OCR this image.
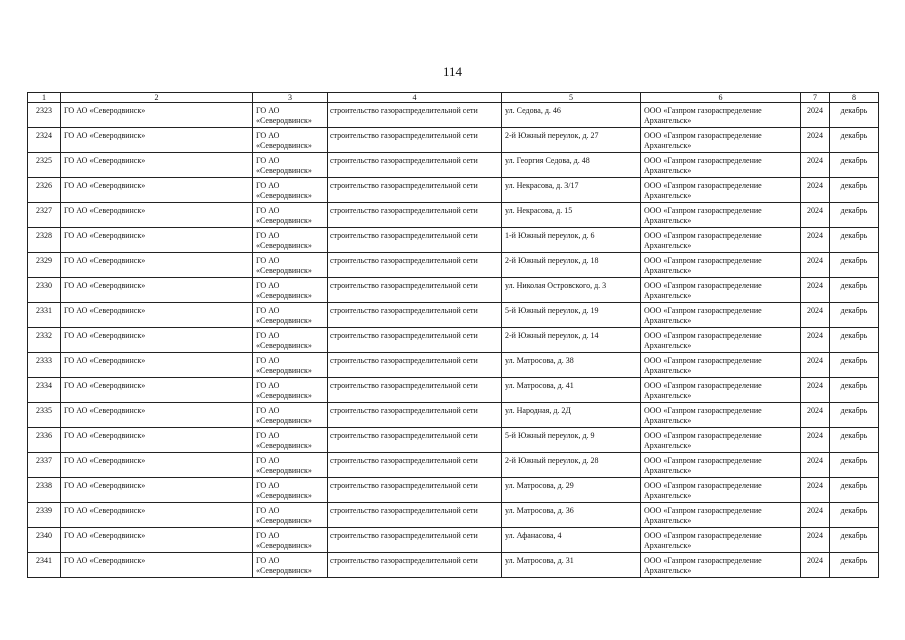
114
1	2	3	4	5	6	7	8
2323	ГО АО «Северодвинск»	ГО АО «Северодвинск»	строительство газораспределительной сети	ул. Седова, д. 46	ООО «Газпром газораспределение Архангельск»	2024	декабрь
2324	ГО АО «Северодвинск»	ГО АО «Северодвинск»	строительство газораспределительной сети	2-й Южный переулок, д. 27	ООО «Газпром газораспределение Архангельск»	2024	декабрь
2325	ГО АО «Северодвинск»	ГО АО «Северодвинск»	строительство газораспределительной сети	ул. Георгия Седова, д. 48	ООО «Газпром газораспределение Архангельск»	2024	декабрь
2326	ГО АО «Северодвинск»	ГО АО «Северодвинск»	строительство газораспределительной сети	ул. Некрасова, д. 3/17	ООО «Газпром газораспределение Архангельск»	2024	декабрь
2327	ГО АО «Северодвинск»	ГО АО «Северодвинск»	строительство газораспределительной сети	ул. Некрасова, д. 15	ООО «Газпром газораспределение Архангельск»	2024	декабрь
2328	ГО АО «Северодвинск»	ГО АО «Северодвинск»	строительство газораспределительной сети	1-й Южный переулок, д. 6	ООО «Газпром газораспределение Архангельск»	2024	декабрь
2329	ГО АО «Северодвинск»	ГО АО «Северодвинск»	строительство газораспределительной сети	2-й Южный переулок, д. 18	ООО «Газпром газораспределение Архангельск»	2024	декабрь
2330	ГО АО «Северодвинск»	ГО АО «Северодвинск»	строительство газораспределительной сети	ул. Николая Островского, д. 3	ООО «Газпром газораспределение Архангельск»	2024	декабрь
2331	ГО АО «Северодвинск»	ГО АО «Северодвинск»	строительство газораспределительной сети	5-й Южный переулок, д. 19	ООО «Газпром газораспределение Архангельск»	2024	декабрь
2332	ГО АО «Северодвинск»	ГО АО «Северодвинск»	строительство газораспределительной сети	2-й Южный переулок, д. 14	ООО «Газпром газораспределение Архангельск»	2024	декабрь
2333	ГО АО «Северодвинск»	ГО АО «Северодвинск»	строительство газораспределительной сети	ул. Матросова, д. 38	ООО «Газпром газораспределение Архангельск»	2024	декабрь
2334	ГО АО «Северодвинск»	ГО АО «Северодвинск»	строительство газораспределительной сети	ул. Матросова, д. 41	ООО «Газпром газораспределение Архангельск»	2024	декабрь
2335	ГО АО «Северодвинск»	ГО АО «Северодвинск»	строительство газораспределительной сети	ул. Народная, д. 2Д	ООО «Газпром газораспределение Архангельск»	2024	декабрь
2336	ГО АО «Северодвинск»	ГО АО «Северодвинск»	строительство газораспределительной сети	5-й Южный переулок, д. 9	ООО «Газпром газораспределение Архангельск»	2024	декабрь
2337	ГО АО «Северодвинск»	ГО АО «Северодвинск»	строительство газораспределительной сети	2-й Южный переулок, д. 28	ООО «Газпром газораспределение Архангельск»	2024	декабрь
2338	ГО АО «Северодвинск»	ГО АО «Северодвинск»	строительство газораспределительной сети	ул. Матросова, д. 29	ООО «Газпром газораспределение Архангельск»	2024	декабрь
2339	ГО АО «Северодвинск»	ГО АО «Северодвинск»	строительство газораспределительной сети	ул. Матросова, д. 36	ООО «Газпром газораспределение Архангельск»	2024	декабрь
2340	ГО АО «Северодвинск»	ГО АО «Северодвинск»	строительство газораспределительной сети	ул. Афанасова, 4	ООО «Газпром газораспределение Архангельск»	2024	декабрь
2341	ГО АО «Северодвинск»	ГО АО «Северодвинск»	строительство газораспределительной сети	ул. Матросова, д. 31	ООО «Газпром газораспределение Архангельск»	2024	декабрь
